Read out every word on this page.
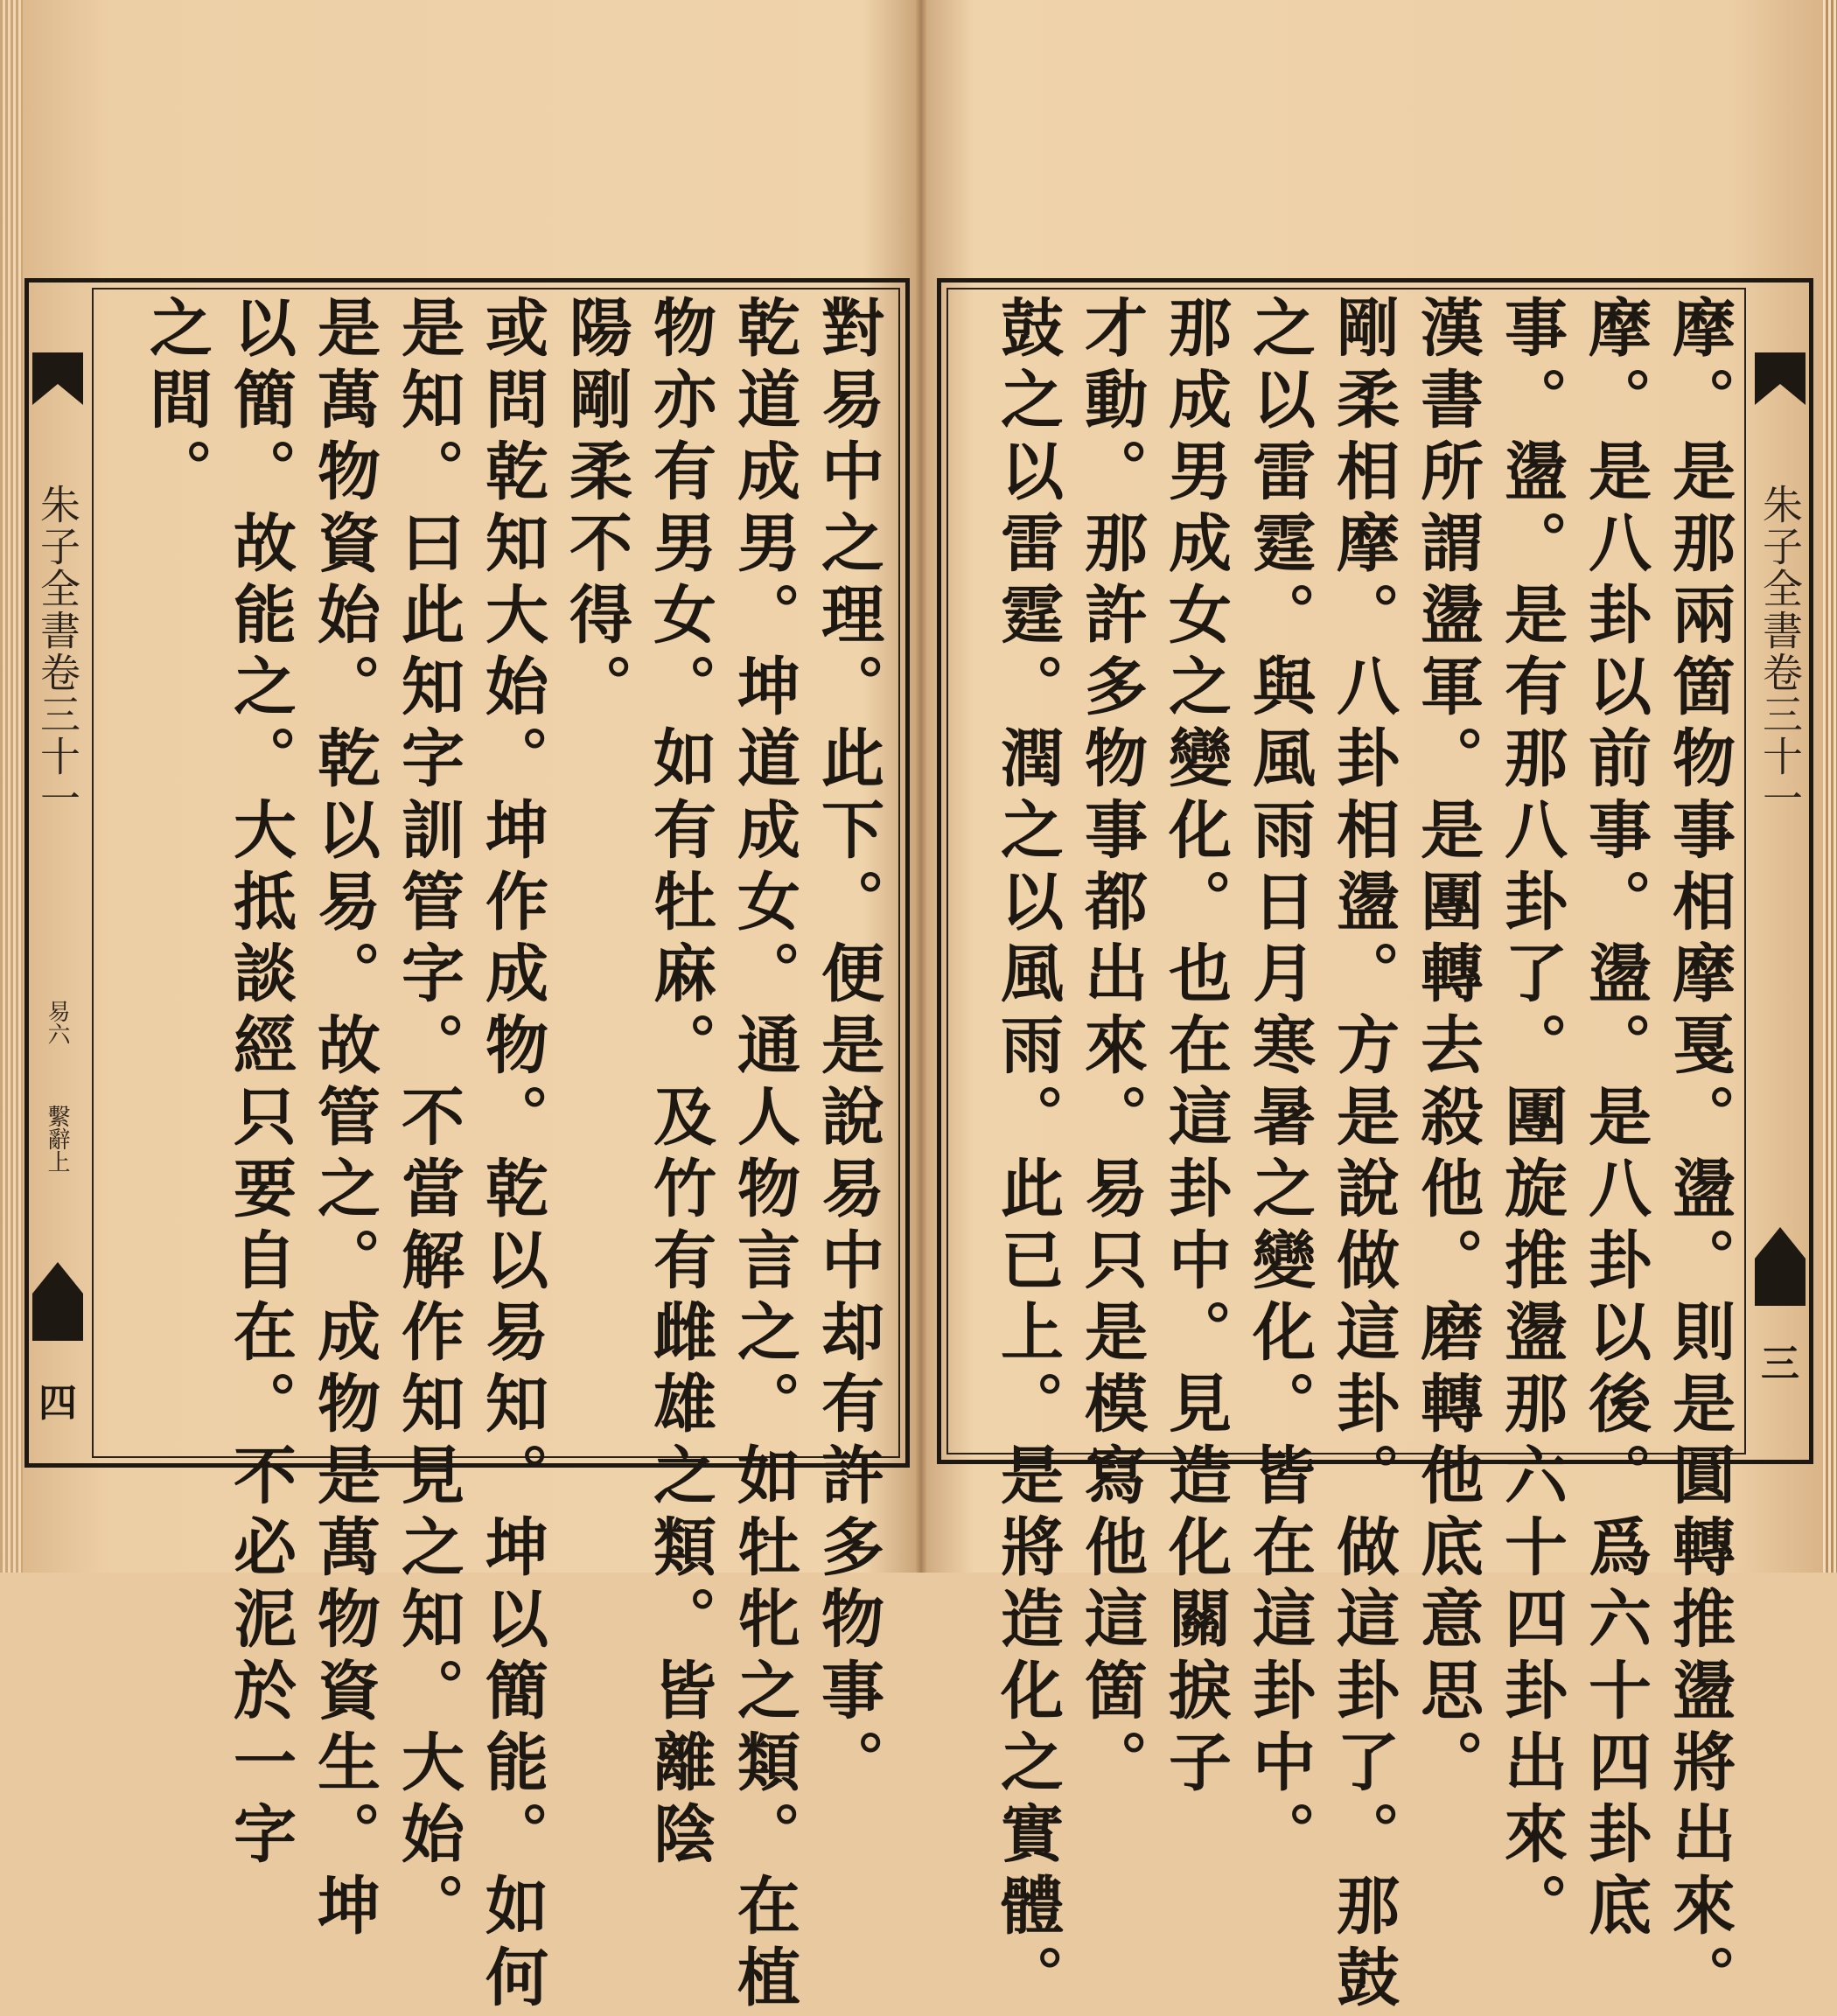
朱子全書卷三十一
易六
繫辭上
四	對易中之理。此下。便是說易中却有許多物事。
乾道成男。坤道成女。通人物言之。如牡牝之類。在植
物亦有男女。如有牡麻。及竹有雌雄之類。皆離陰
陽剛柔不得。
或問乾知大始。坤作成物。乾以易知。坤以簡能。如何
是知。曰此知字訓管字。不當解作知見之知。大始。
是萬物資始。乾以易。故管之。成物是萬物資生。坤
以簡。故能之。大抵談經只要自在。不必泥於一字
之間。
朱子全書卷三十一
三
摩。是那兩箇物事相摩戛。盪。則是圓轉推盪將出來。
摩。是八卦以前事。盪。是八卦以後。爲六十四卦底
事。盪。是有那八卦了。團旋推盪那六十四卦出來。
漢書所謂盪軍。是團轉去殺他。磨轉他底意思。
剛柔相摩。八卦相盪。方是說做這卦。做這卦了。那鼓
之以雷霆。與風雨日月寒暑之變化。皆在這卦中。
那成男成女之變化。也在這卦中。見造化關捩子
才動。那許多物事都出來。易只是模寫他這箇。
鼓之以雷霆。潤之以風雨。此已上。是將造化之實體。
